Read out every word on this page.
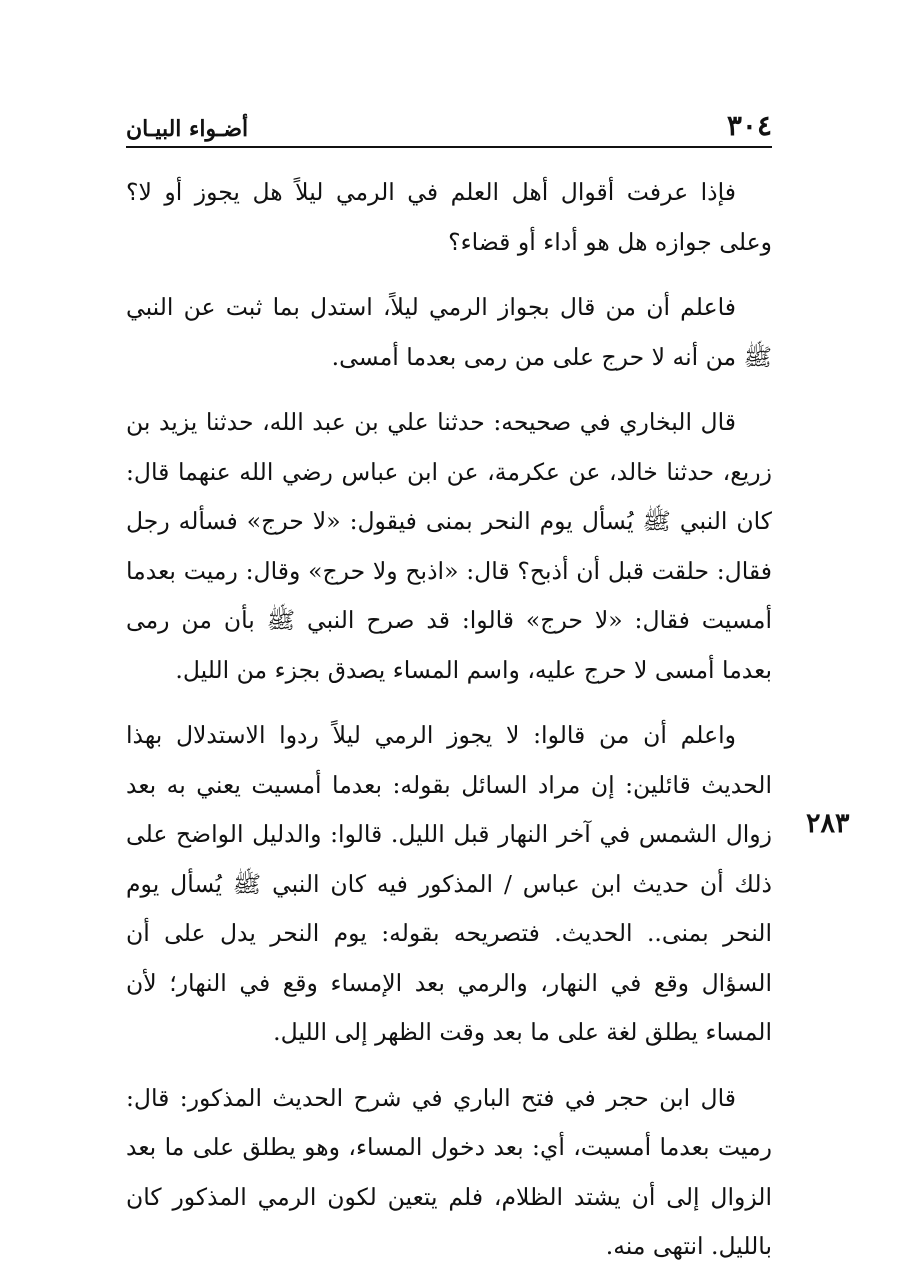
٣٠٤
أضـواء البيـان

فإذا عرفت أقوال أهل العلم في الرمي ليلاً هل يجوز أو لا؟ وعلى جوازه هل هو أداء أو قضاء؟

فاعلم أن من قال بجواز الرمي ليلاً، استدل بما ثبت عن النبي ﷺ من أنه لا حرج على من رمى بعدما أمسى.

قال البخاري في صحيحه: حدثنا علي بن عبد الله، حدثنا يزيد بن زريع، حدثنا خالد، عن عكرمة، عن ابن عباس رضي الله عنهما قال: كان النبي ﷺ يُسأل يوم النحر بمنى فيقول: «لا حرج» فسأله رجل فقال: حلقت قبل أن أذبح؟ قال: «اذبح ولا حرج» وقال: رميت بعدما أمسيت فقال: «لا حرج» قالوا: قد صرح النبي ﷺ بأن من رمى بعدما أمسى لا حرج عليه، واسم المساء يصدق بجزء من الليل.

واعلم أن من قالوا: لا يجوز الرمي ليلاً ردوا الاستدلال بهذا الحديث قائلين: إن مراد السائل بقوله: بعدما أمسيت يعني به بعد زوال الشمس في آخر النهار قبل الليل. قالوا: والدليل الواضح على ذلك أن حديث ابن عباس / المذكور فيه كان النبي ﷺ يُسأل يوم النحر بمنى.. الحديث. فتصريحه بقوله: يوم النحر يدل على أن السؤال وقع في النهار، والرمي بعد الإمساء وقع في النهار؛ لأن المساء يطلق لغة على ما بعد وقت الظهر إلى الليل.

قال ابن حجر في فتح الباري في شرح الحديث المذكور: قال: رميت بعدما أمسيت، أي: بعد دخول المساء، وهو يطلق على ما بعد الزوال إلى أن يشتد الظلام، فلم يتعين لكون الرمي المذكور كان بالليل. انتهى منه.

٢٨٣
